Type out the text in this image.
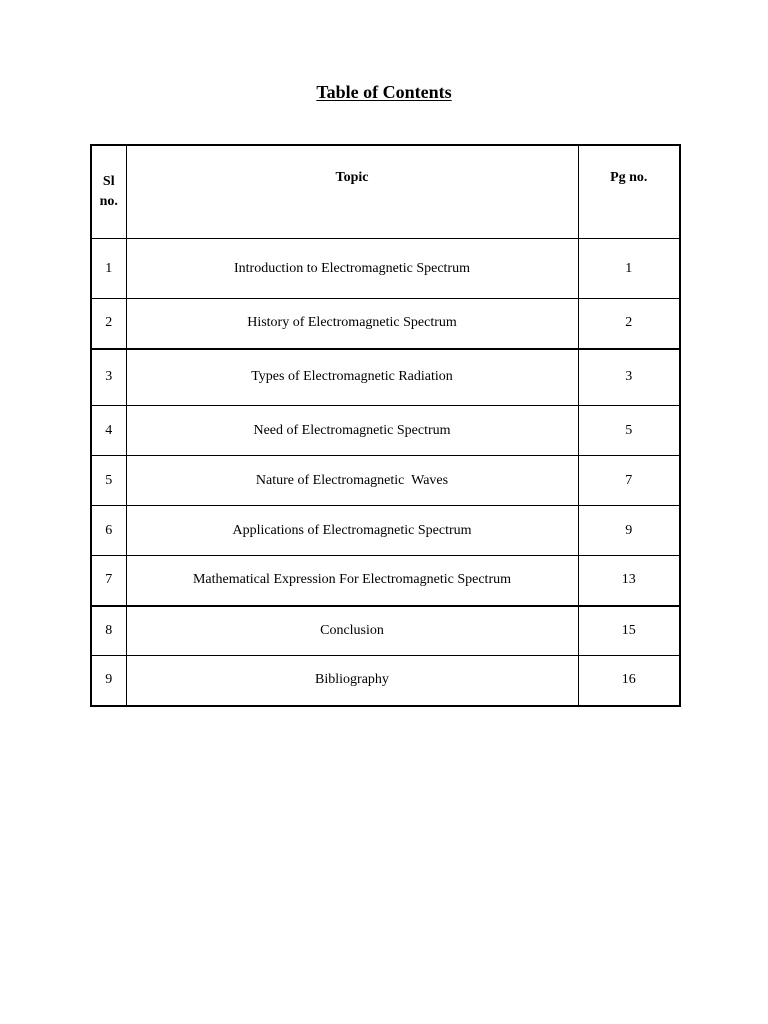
Table of Contents
Sl no.	Topic	Pg no.
1	Introduction to Electromagnetic Spectrum	1
2	History of Electromagnetic Spectrum	2
3	Types of Electromagnetic Radiation	3
4	Need of Electromagnetic Spectrum	5
5	Nature of Electromagnetic  Waves	7
6	Applications of Electromagnetic Spectrum	9
7	Mathematical Expression For Electromagnetic Spectrum	13
8	Conclusion	15
9	Bibliography	16
